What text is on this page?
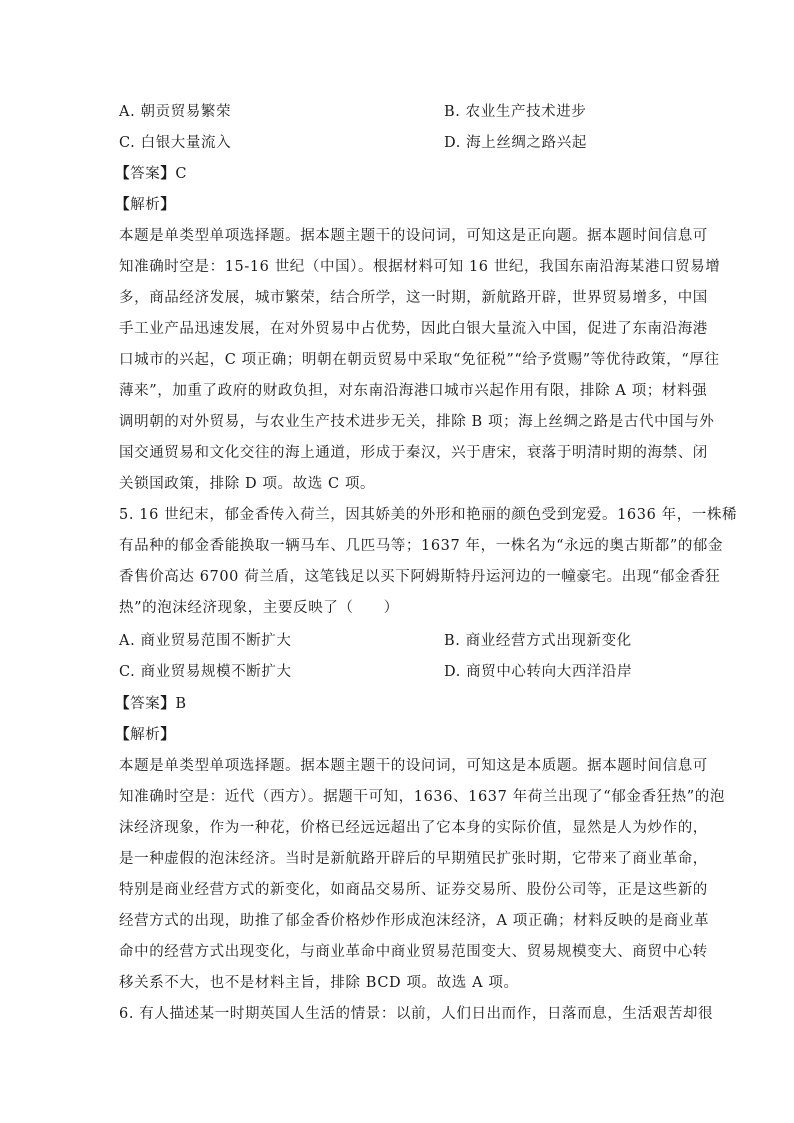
A. 朝贡贸易繁荣	B. 农业生产技术进步
C. 白银大量流入	D. 海上丝绸之路兴起
【答案】C
【解析】
本题是单类型单项选择题。据本题主题干的设问词，可知这是正向题。据本题时间信息可
知准确时空是：15-16 世纪（中国）。根据材料可知 16 世纪，我国东南沿海某港口贸易增
多，商品经济发展，城市繁荣，结合所学，这一时期，新航路开辟，世界贸易增多，中国
手工业产品迅速发展，在对外贸易中占优势，因此白银大量流入中国，促进了东南沿海港
口城市的兴起，C 项正确；明朝在朝贡贸易中采取“免征税”“给予赏赐”等优待政策，“厚往
薄来”，加重了政府的财政负担，对东南沿海港口城市兴起作用有限，排除 A 项；材料强
调明朝的对外贸易，与农业生产技术进步无关，排除 B 项；海上丝绸之路是古代中国与外
国交通贸易和文化交往的海上通道，形成于秦汉，兴于唐宋，衰落于明清时期的海禁、闭
关锁国政策，排除 D 项。故选 C 项。
5. 16 世纪末，郁金香传入荷兰，因其娇美的外形和艳丽的颜色受到宠爱。1636 年，一株稀
有品种的郁金香能换取一辆马车、几匹马等；1637 年，一株名为“永远的奥古斯都”的郁金
香售价高达 6700 荷兰盾，这笔钱足以买下阿姆斯特丹运河边的一幢豪宅。出现“郁金香狂
热”的泡沫经济现象，主要反映了（　　）
A. 商业贸易范围不断扩大	B. 商业经营方式出现新变化
C. 商业贸易规模不断扩大	D. 商贸中心转向大西洋沿岸
【答案】B
【解析】
本题是单类型单项选择题。据本题主题干的设问词，可知这是本质题。据本题时间信息可
知准确时空是：近代（西方）。据题干可知，1636、1637 年荷兰出现了“郁金香狂热”的泡
沫经济现象，作为一种花，价格已经远远超出了它本身的实际价值，显然是人为炒作的，
是一种虚假的泡沫经济。当时是新航路开辟后的早期殖民扩张时期，它带来了商业革命，
特别是商业经营方式的新变化，如商品交易所、证券交易所、股份公司等，正是这些新的
经营方式的出现，助推了郁金香价格炒作形成泡沫经济，A 项正确；材料反映的是商业革
命中的经营方式出现变化，与商业革命中商业贸易范围变大、贸易规模变大、商贸中心转
移关系不大，也不是材料主旨，排除 BCD 项。故选 A 项。
6. 有人描述某一时期英国人生活的情景：以前，人们日出而作，日落而息，生活艰苦却很
